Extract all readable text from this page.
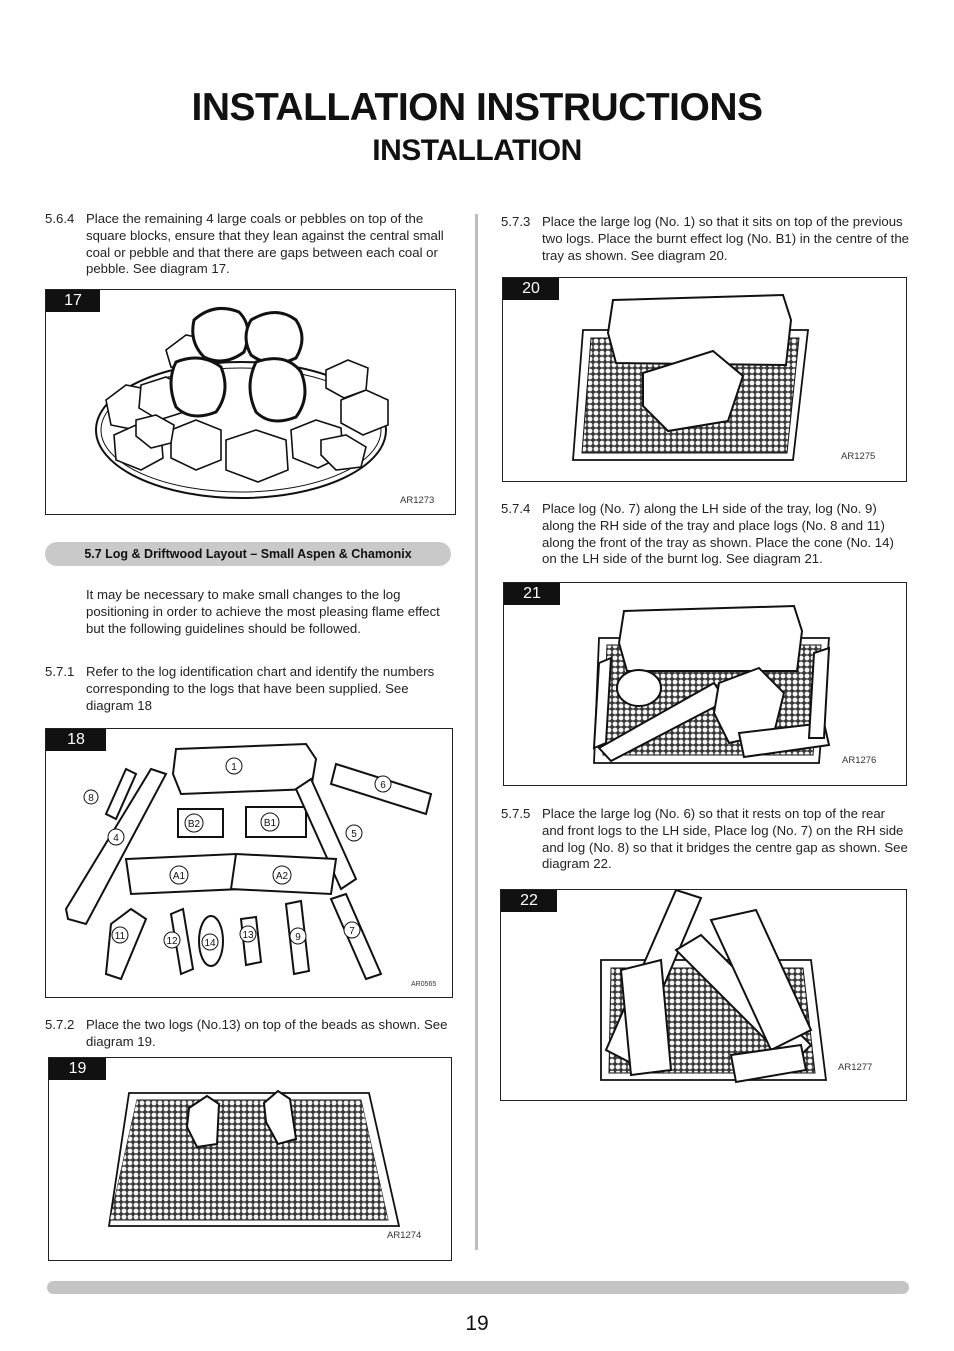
INSTALLATION INSTRUCTIONS
INSTALLATION
5.6.4 Place the remaining 4 large coals or pebbles on top of the square blocks, ensure that they lean against the central small coal or pebble and that there are gaps between each coal or pebble. See diagram 17.
17
AR1273
5.7 Log & Driftwood Layout – Small Aspen & Chamonix
It may be necessary to make small changes to the log positioning in order to achieve the most pleasing flame effect but the following guidelines should be followed.
5.7.1 Refer to the log identification chart and identify the numbers corresponding to the logs that have been supplied. See diagram 18
18
1
8
4
B2	B1
6
5
A1	A2
11	12	14
13	9
7
AR0565
5.7.2 Place the two logs (No.13) on top of the beads as shown. See diagram 19.
19
AR1274
5.7.3 Place the large log (No. 1) so that it sits on top of the previous two logs. Place the burnt effect log (No. B1) in the centre of the tray as shown. See diagram 20.
20
AR1275
5.7.4 Place log (No. 7) along the LH side of the tray, log (No. 9) along the RH side of the tray and place logs (No. 8 and 11) along the front of the tray as shown. Place the cone (No. 14) on the LH side of the burnt log. See diagram 21.
21
AR1276
5.7.5 Place the large log (No. 6) so that it rests on top of the rear and front logs to the LH side, Place log (No. 7) on the RH side and log (No. 8) so that it bridges the centre gap as shown. See diagram 22.
22
AR1277
19
